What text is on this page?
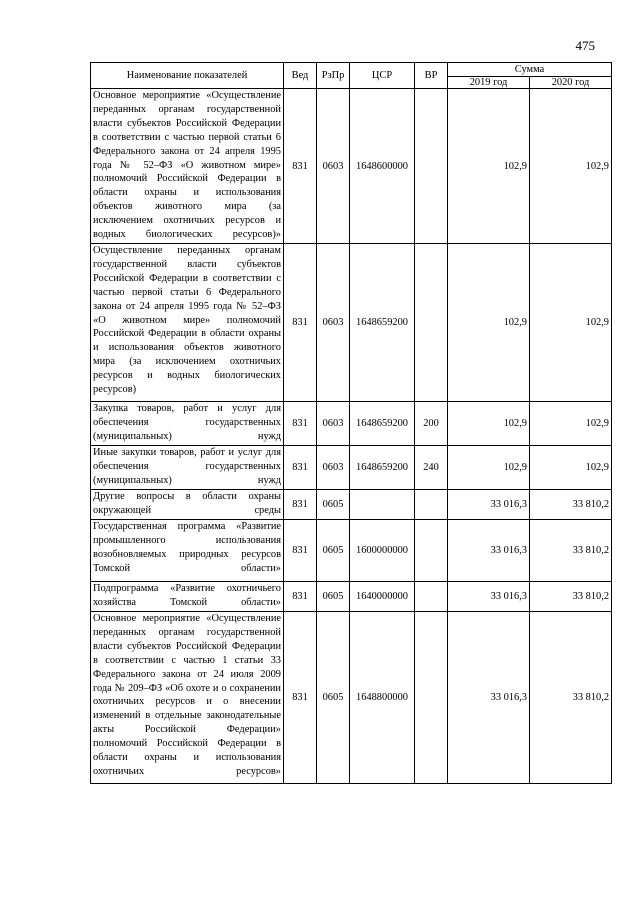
475
Наименование показателей	Вед	РзПр	ЦСР	ВР	Сумма	
					2019 год	2020 год
Основное мероприятие «Осуществление переданных органам государственной власти субъектов Российской Федерации в соответствии с частью первой статьи 6 Федерального закона от 24 апреля 1995 года № 52–ФЗ «О животном мире» полномочий Российской Федерации в области охраны и использования объектов животного мира (за исключением охотничьих ресурсов и водных биологических ресурсов)»	831	0603	1648600000		102,9	102,9
Осуществление переданных органам государственной власти субъектов Российской Федерации в соответствии с частью первой статьи 6 Федерального закона от 24 апреля 1995 года № 52–ФЗ «О животном мире» полномочий Российской Федерации в области охраны и использования объектов животного мира (за исключением охотничьих ресурсов и водных биологических ресурсов)	831	0603	1648659200		102,9	102,9
Закупка товаров, работ и услуг для обеспечения государственных (муниципальных) нужд	831	0603	1648659200	200	102,9	102,9
Иные закупки товаров, работ и услуг для обеспечения государственных (муниципальных) нужд	831	0603	1648659200	240	102,9	102,9
Другие вопросы в области охраны окружающей среды	831	0605			33 016,3	33 810,2
Государственная программа «Развитие промышленного использования возобновляемых природных ресурсов Томской области»	831	0605	1600000000		33 016,3	33 810,2
Подпрограмма «Развитие охотничьего хозяйства Томской области»	831	0605	1640000000		33 016,3	33 810,2
Основное мероприятие «Осуществление переданных органам государственной власти субъектов Российской Федерации в соответствии с частью 1 статьи 33 Федерального закона от 24 июля 2009 года № 209–ФЗ «Об охоте и о сохранении охотничьих ресурсов и о внесении изменений в отдельные законодательные акты Российской Федерации» полномочий Российской Федерации в области охраны и использования охотничьих ресурсов»	831	0605	1648800000		33 016,3	33 810,2
